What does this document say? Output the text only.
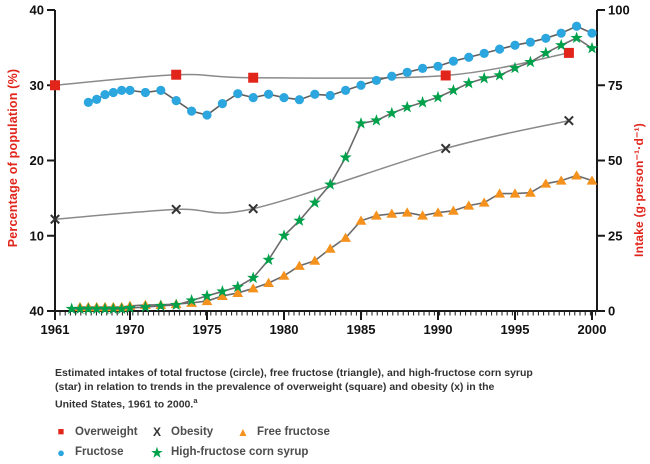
Percentage of population (%)	Intake (g·person⁻¹·d⁻¹)
40
30
20
10
40
100
75
50
25
0
1961	1970	1975	1980	1985	1990	1995	2000
Estimated intakes of total fructose (circle), free fructose (triangle), and high-fructose corn syrup
(star) in relation to trends in the prevalence of overweight (square) and obesity (x) in the
United States, 1961 to 2000.$^a$
■ Overweight X Obesity ▲ Free fructose
● Fructose ★ High-fructose corn syrup
